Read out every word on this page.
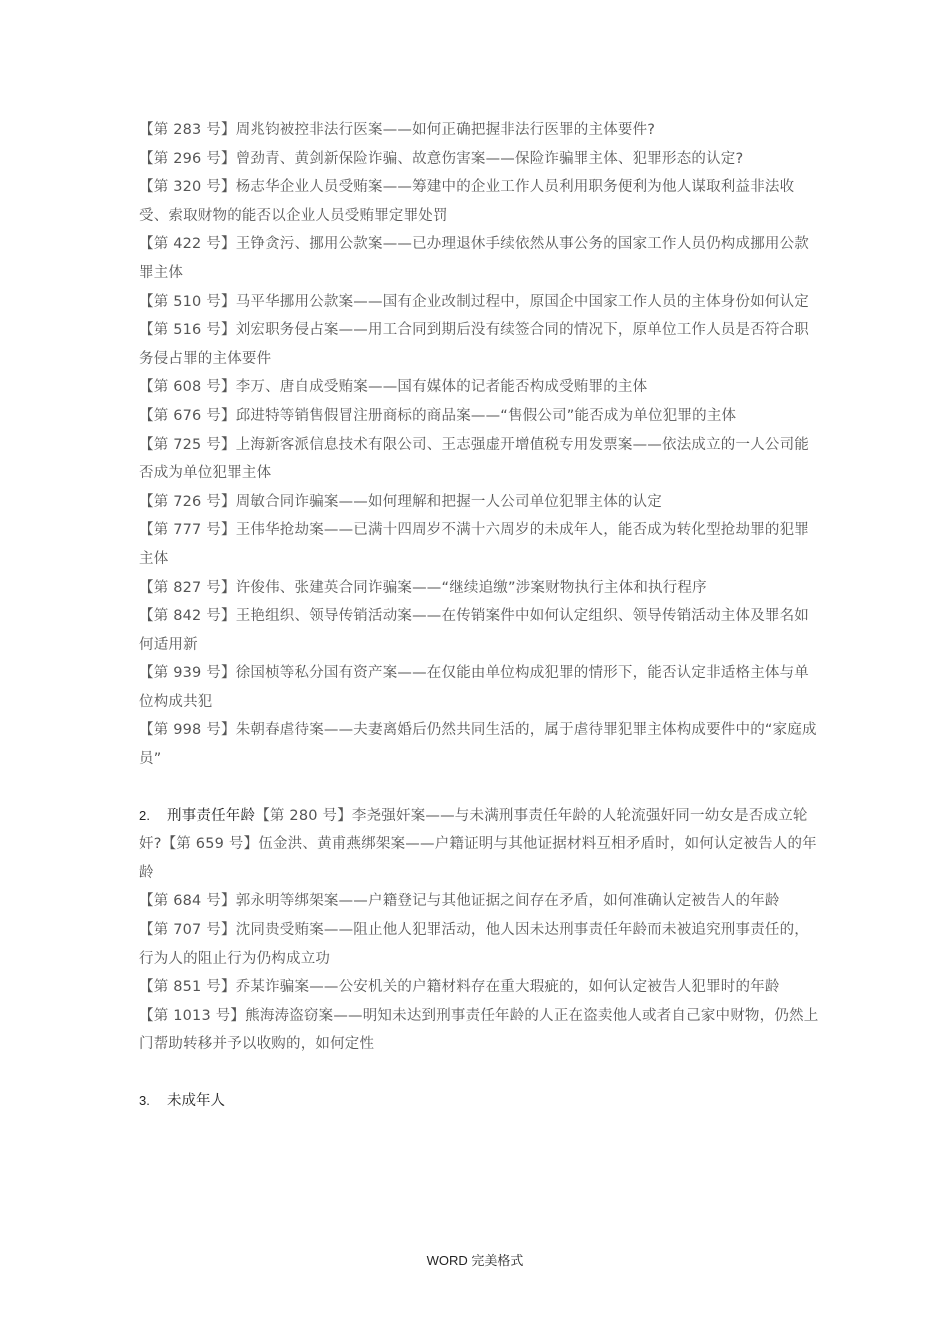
【第 283 号】周兆钧被控非法行医案——如何正确把握非法行医罪的主体要件?

【第 296 号】曾劲青、黄剑新保险诈骗、故意伤害案——保险诈骗罪主体、犯罪形态的认定?

【第 320 号】杨志华企业人员受贿案——筹建中的企业工作人员利用职务便利为他人谋取利益非法收受、索取财物的能否以企业人员受贿罪定罪处罚

【第 422 号】王铮贪污、挪用公款案——已办理退休手续依然从事公务的国家工作人员仍构成挪用公款罪主体

【第 510 号】马平华挪用公款案——国有企业改制过程中，原国企中国家工作人员的主体身份如何认定

【第 516 号】刘宏职务侵占案——用工合同到期后没有续签合同的情况下，原单位工作人员是否符合职务侵占罪的主体要件

【第 608 号】李万、唐自成受贿案——国有媒体的记者能否构成受贿罪的主体

【第 676 号】邱进特等销售假冒注册商标的商品案——“售假公司”能否成为单位犯罪的主体

【第 725 号】上海新客派信息技术有限公司、王志强虚开增值税专用发票案——依法成立的一人公司能否成为单位犯罪主体

【第 726 号】周敏合同诈骗案——如何理解和把握一人公司单位犯罪主体的认定

【第 777 号】王伟华抢劫案——已满十四周岁不满十六周岁的未成年人，能否成为转化型抢劫罪的犯罪主体

【第 827 号】许俊伟、张建英合同诈骗案——“继续追缴”涉案财物执行主体和执行程序

【第 842 号】王艳组织、领导传销活动案——在传销案件中如何认定组织、领导传销活动主体及罪名如何适用新

【第 939 号】徐国桢等私分国有资产案——在仅能由单位构成犯罪的情形下，能否认定非适格主体与单位构成共犯

【第 998 号】朱朝春虐待案——夫妻离婚后仍然共同生活的，属于虐待罪犯罪主体构成要件中的“家庭成员”

2. 刑事责任年龄【第 280 号】李尧强奸案——与未满刑事责任年龄的人轮流强奸同一幼女是否成立轮奸?【第 659 号】伍金洪、黄甫燕绑架案——户籍证明与其他证据材料互相矛盾时，如何认定被告人的年龄

【第 684 号】郭永明等绑架案——户籍登记与其他证据之间存在矛盾，如何准确认定被告人的年龄

【第 707 号】沈同贵受贿案——阻止他人犯罪活动，他人因未达刑事责任年龄而未被追究刑事责任的，行为人的阻止行为仍构成立功

【第 851 号】乔某诈骗案——公安机关的户籍材料存在重大瑕疵的，如何认定被告人犯罪时的年龄

【第 1013 号】熊海涛盗窃案——明知未达到刑事责任年龄的人正在盗卖他人或者自己家中财物，仍然上门帮助转移并予以收购的，如何定性

3. 未成年人

WORD 完美格式
